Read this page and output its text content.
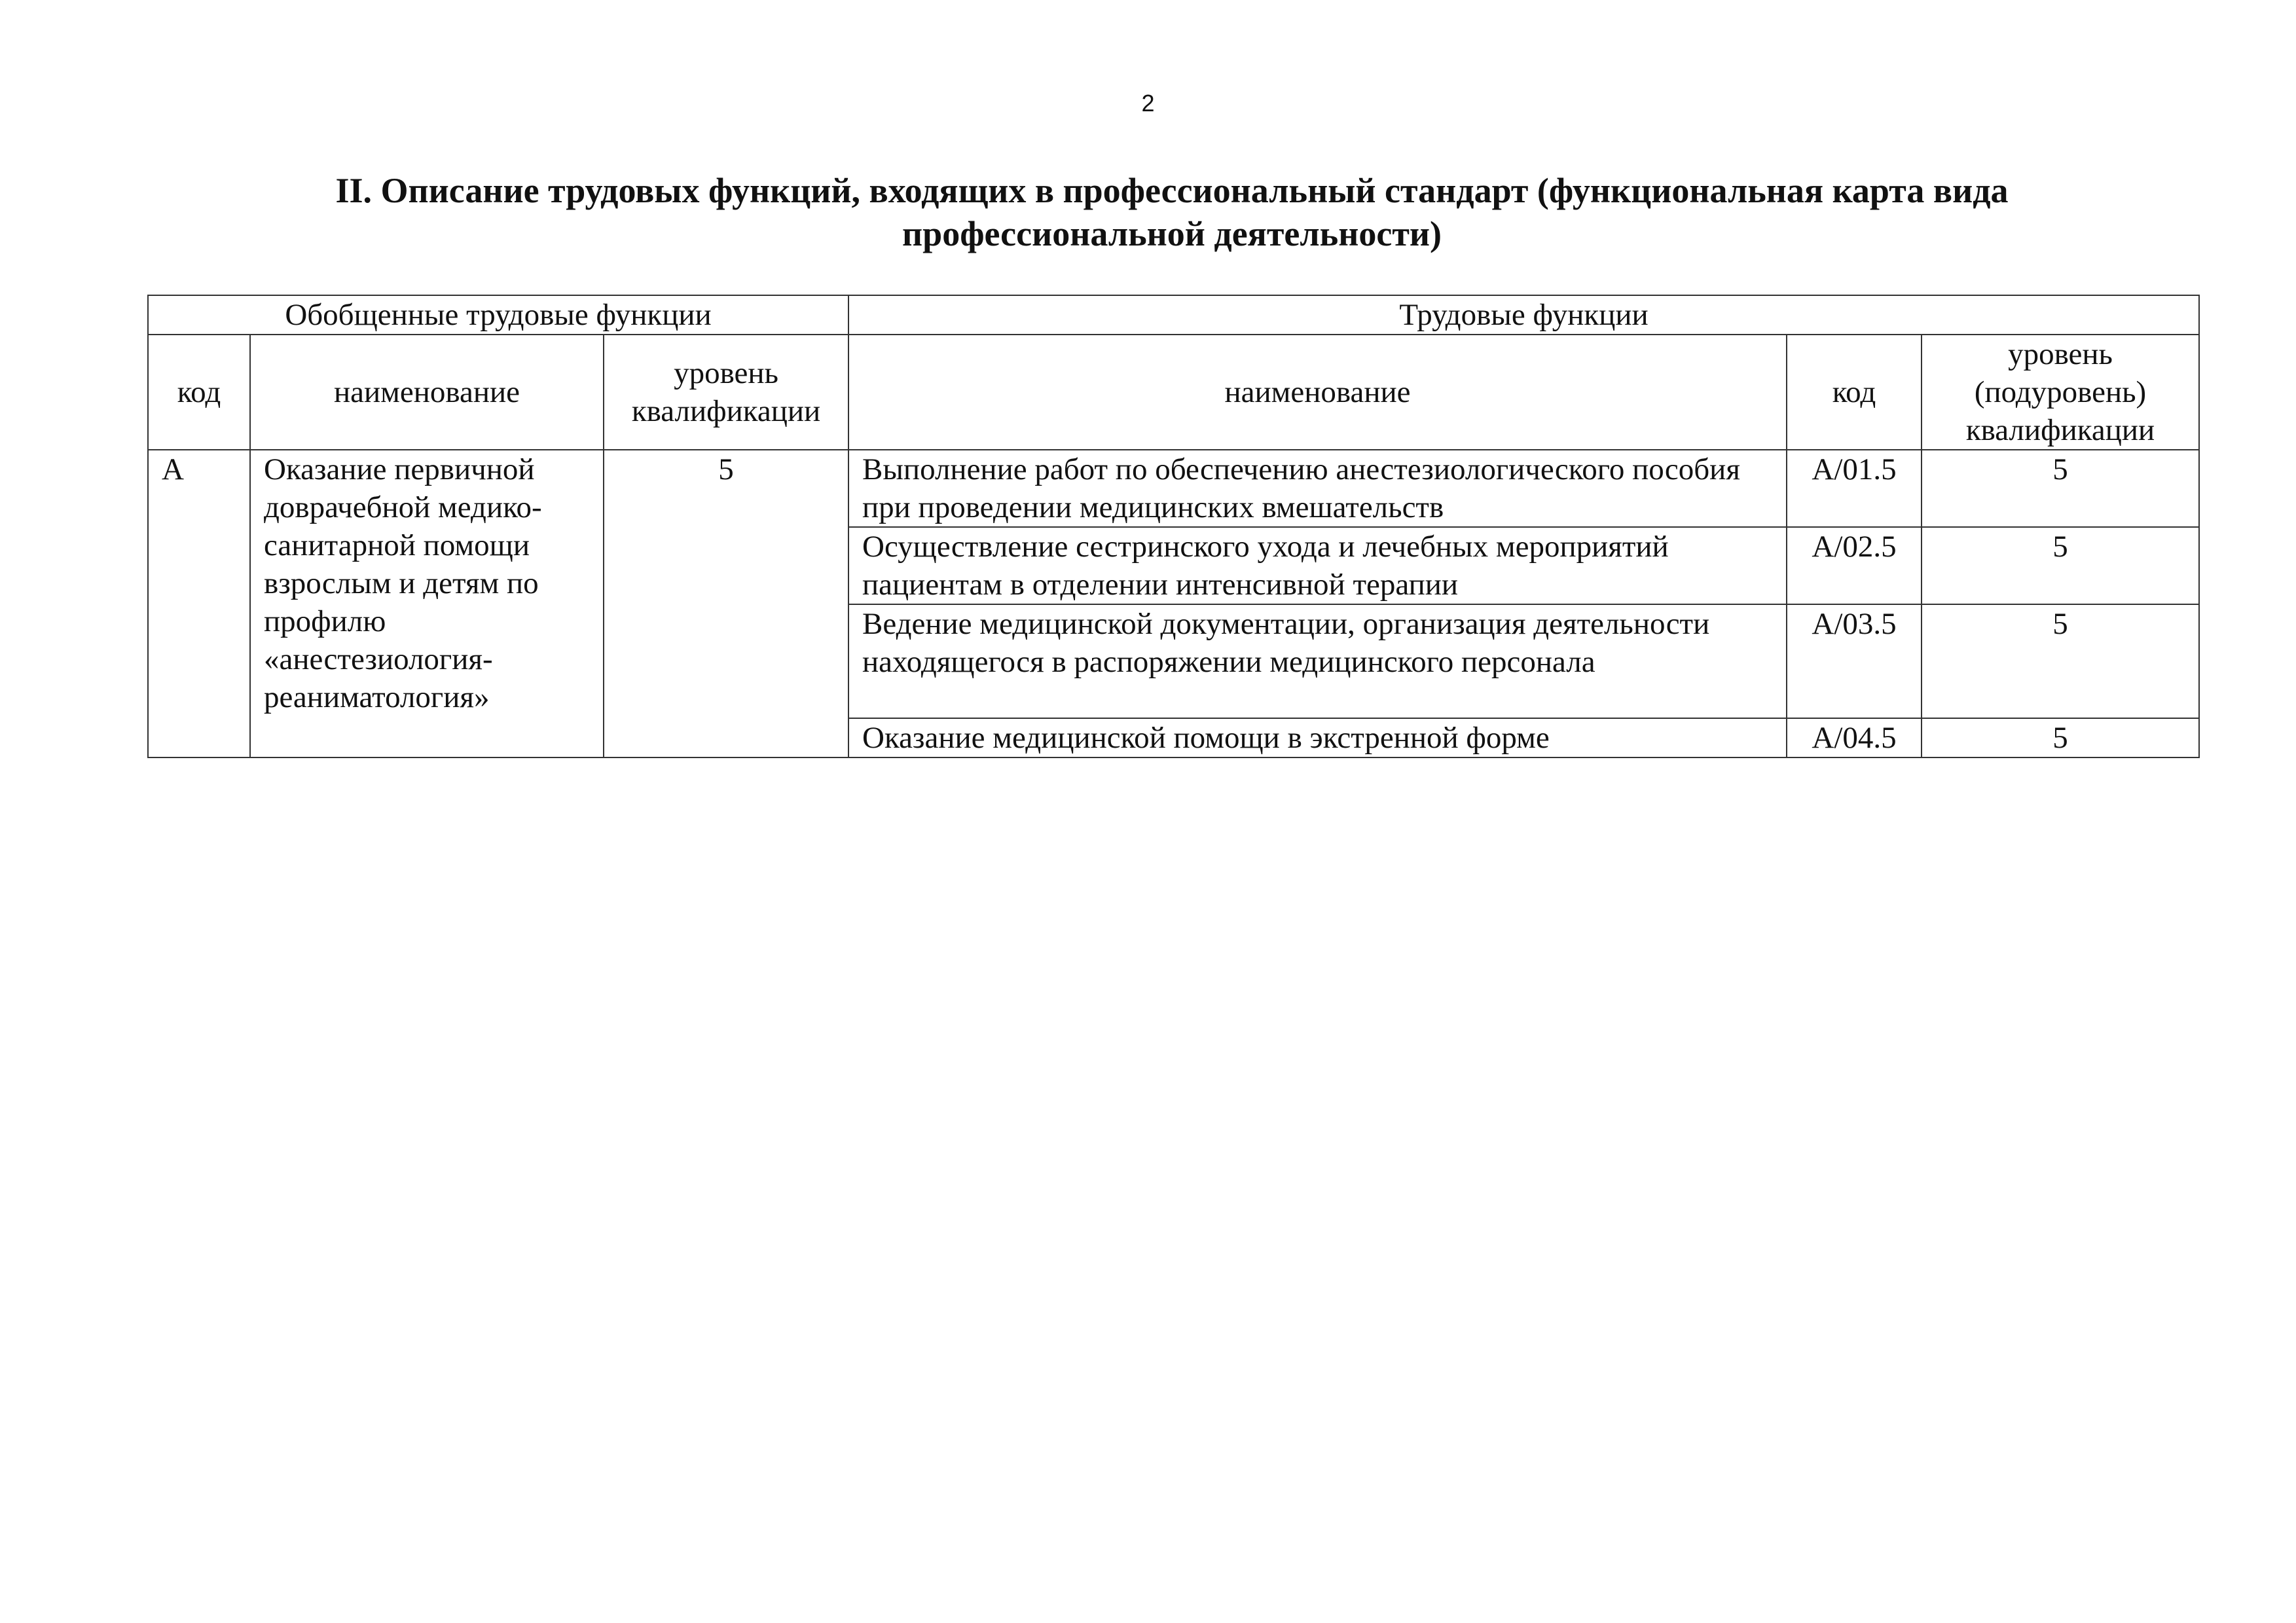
2
II. Описание трудовых функций, входящих в профессиональный стандарт (функциональная карта вида
профессиональной деятельности)
Обобщенные трудовые функции			Трудовые функции		
код	наименование	уровень квалификации	наименование	код	уровень (подуровень) квалификации
А	Оказание первичной доврачебной медико-санитарной помощи взрослым и детям по профилю «анестезиология-реаниматология»	5	Выполнение работ по обеспечению анестезиологического пособия при проведении медицинских вмешательств	А/01.5	5
			Осуществление сестринского ухода и лечебных мероприятий пациентам в отделении интенсивной терапии	А/02.5	5
			Ведение медицинской документации, организация деятельности находящегося в распоряжении медицинского персонала	А/03.5	5
			Оказание медицинской помощи в экстренной форме	А/04.5	5
